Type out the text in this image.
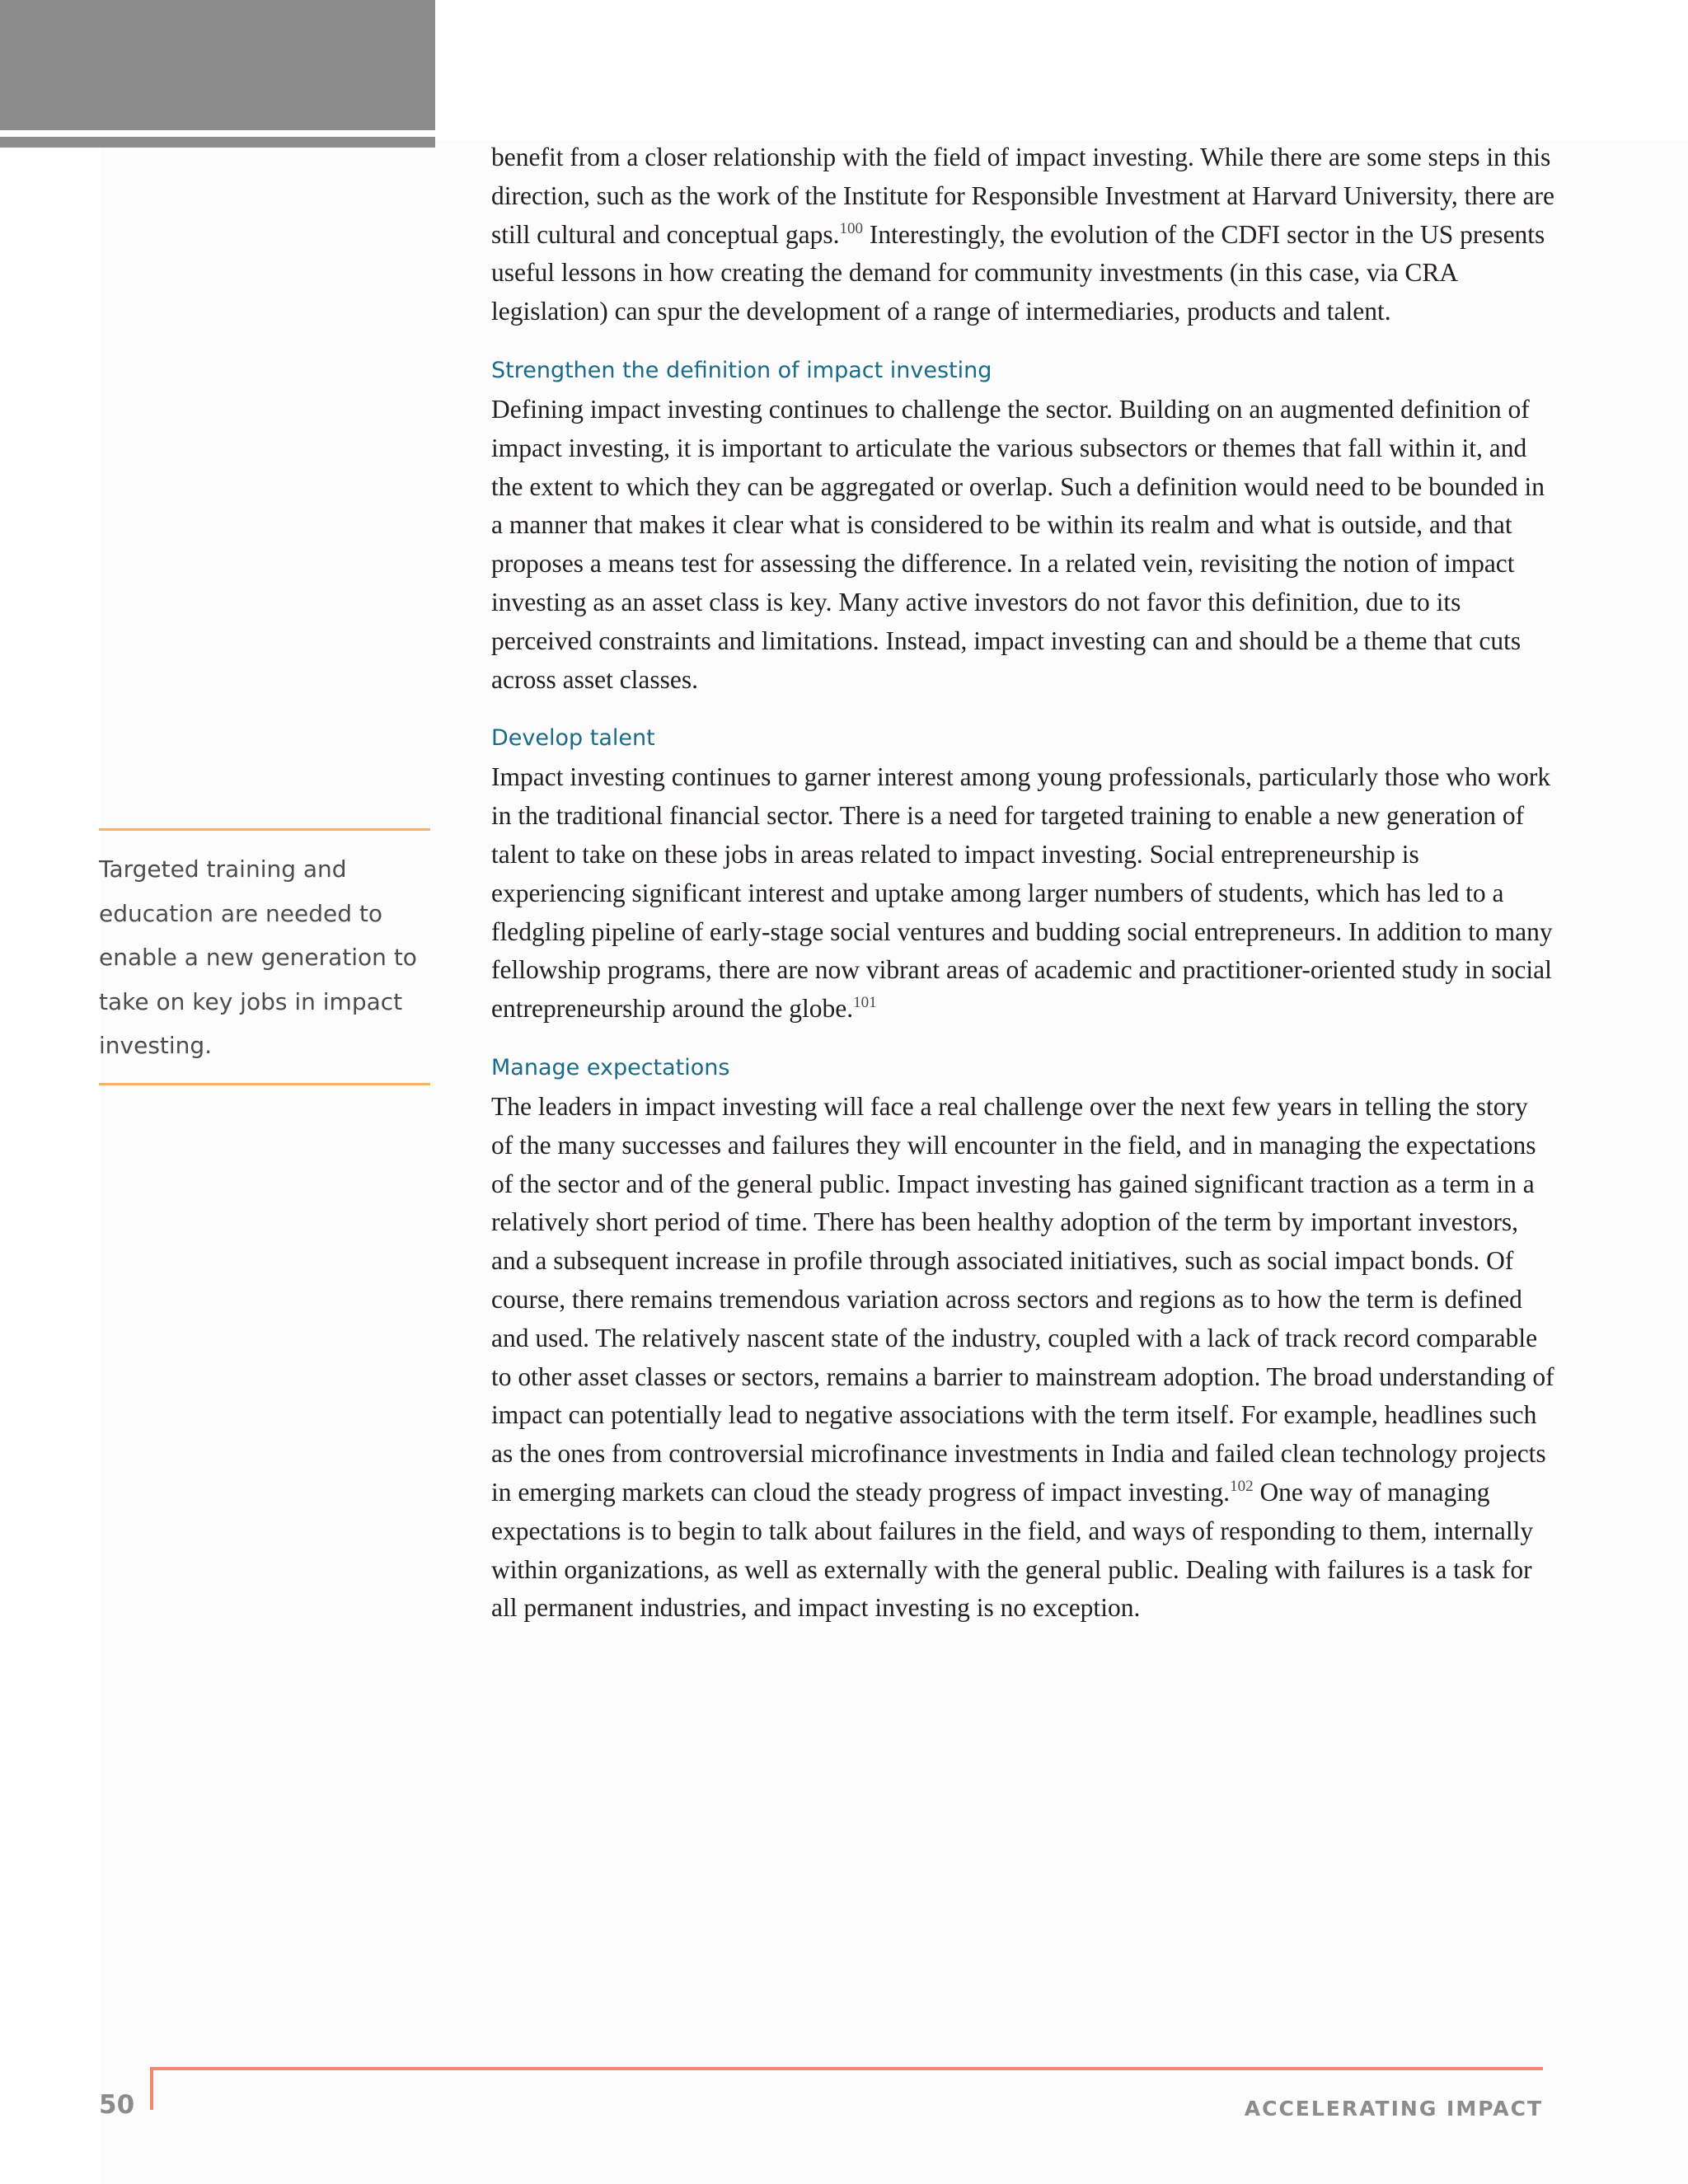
benefit from a closer relationship with the field of impact investing. While there are some steps in this direction, such as the work of the Institute for Responsible Investment at Harvard University, there are still cultural and conceptual gaps.$^{100}$ Interestingly, the evolution of the CDFI sector in the US presents useful lessons in how creating the demand for community investments (in this case, via CRA legislation) can spur the development of a range of intermediaries, products and talent.

Strengthen the definition of impact investing

Defining impact investing continues to challenge the sector. Building on an augmented definition of impact investing, it is important to articulate the various subsectors or themes that fall within it, and the extent to which they can be aggregated or overlap. Such a definition would need to be bounded in a manner that makes it clear what is considered to be within its realm and what is outside, and that proposes a means test for assessing the difference. In a related vein, revisiting the notion of impact investing as an asset class is key. Many active investors do not favor this definition, due to its perceived constraints and limitations. Instead, impact investing can and should be a theme that cuts across asset classes.

Develop talent

Impact investing continues to garner interest among young professionals, particularly those who work in the traditional financial sector. There is a need for targeted training to enable a new generation of talent to take on these jobs in areas related to impact investing. Social entrepreneurship is experiencing significant interest and uptake among larger numbers of students, which has led to a fledgling pipeline of early-stage social ventures and budding social entrepreneurs. In addition to many fellowship programs, there are now vibrant areas of academic and practitioner-oriented study in social entrepreneurship around the globe.$^{101}$

Manage expectations

The leaders in impact investing will face a real challenge over the next few years in telling the story of the many successes and failures they will encounter in the field, and in managing the expectations of the sector and of the general public. Impact investing has gained significant traction as a term in a relatively short period of time. There has been healthy adoption of the term by important investors, and a subsequent increase in profile through associated initiatives, such as social impact bonds. Of course, there remains tremendous variation across sectors and regions as to how the term is defined and used. The relatively nascent state of the industry, coupled with a lack of track record comparable to other asset classes or sectors, remains a barrier to mainstream adoption. The broad understanding of impact can potentially lead to negative associations with the term itself. For example, headlines such as the ones from controversial microfinance investments in India and failed clean technology projects in emerging markets can cloud the steady progress of impact investing.$^{102}$ One way of managing expectations is to begin to talk about failures in the field, and ways of responding to them, internally within organizations, as well as externally with the general public. Dealing with failures is a task for all permanent industries, and impact investing is no exception.

Targeted training and education are needed to enable a new generation to take on key jobs in impact investing.
50	ACCELERATING IMPACT
